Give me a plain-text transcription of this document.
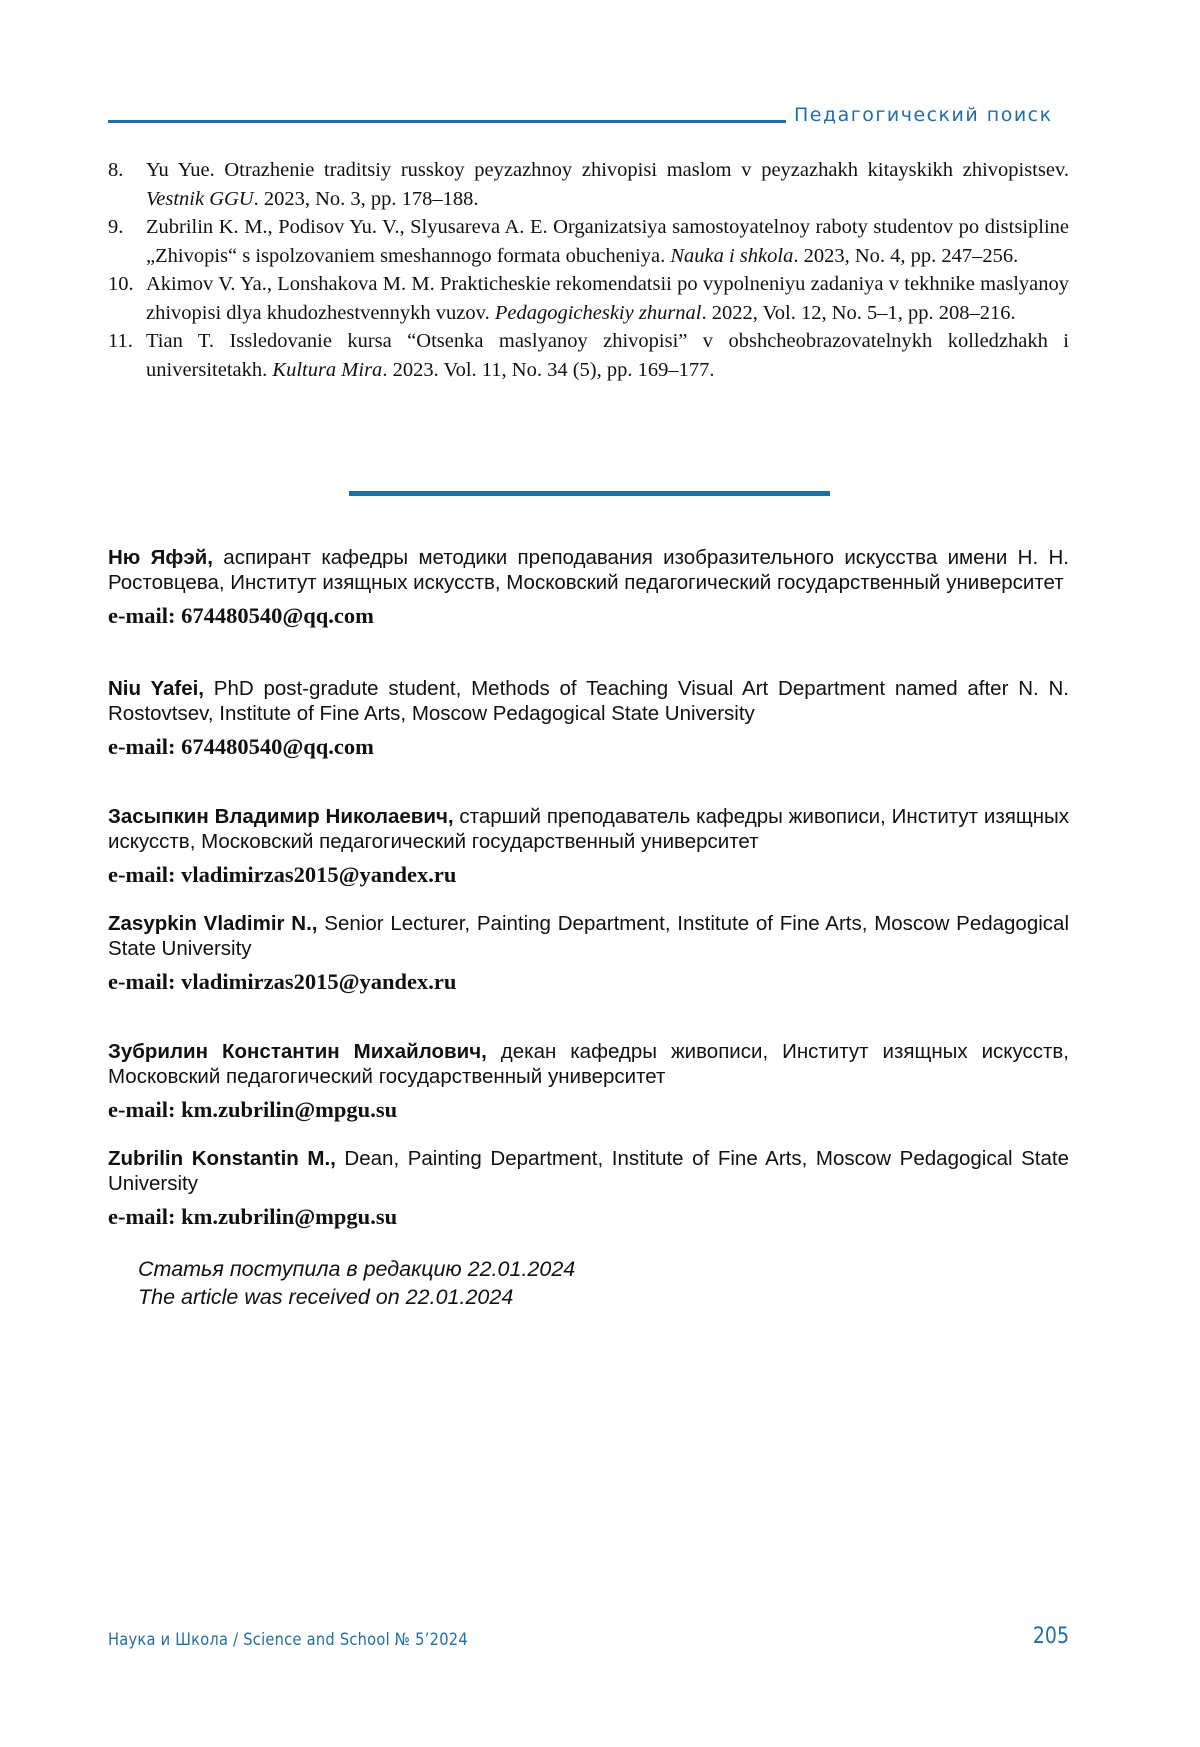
Педагогический поиск
8.	Yu Yue. Otrazhenie traditsiy russkoy peyzazhnoy zhivopisi maslom v peyzazhakh kitayskikh zhivopistsev. Vestnik GGU. 2023, No. 3, pp. 178–188.
9.	Zubrilin K. M., Podisov Yu. V., Slyusareva A. E. Organizatsiya samostoyatelnoy raboty studentov po distsipline „Zhivopis“ s ispolzovaniem smeshannogo formata obucheniya. Nauka i shkola. 2023, No. 4, pp. 247–256.
10. Akimov V. Ya., Lonshakova M. M. Prakticheskie rekomendatsii po vypolneniyu zadaniya v tekhnike maslyanoy zhivopisi dlya khudozhestvennykh vuzov. Pedagogicheskiy zhurnal. 2022, Vol. 12, No. 5–1, pp. 208–216.
11. Tian T. Issledovanie kursa “Otsenka maslyanoy zhivopisi” v obshcheobrazovatelnykh kolledzhakh i universitetakh. Kultura Mira. 2023. Vol. 11, No. 34 (5), pp. 169–177.
Ню Яфэй, аспирант кафедры методики преподавания изобразительного искусства имени Н. Н. Ростовцева, Институт изящных искусств, Московский педагогический государственный университет
e-mail: 674480540@qq.com
Niu Yafei, PhD post-gradute student, Methods of Teaching Visual Art Department named after N. N. Rostovtsev, Institute of Fine Arts, Moscow Pedagogical State University
e-mail: 674480540@qq.com
Засыпкин Владимир Николаевич, старший преподаватель кафедры живописи, Институт изящных искусств, Московский педагогический государственный университет
e-mail: vladimirzas2015@yandex.ru
Zasypkin Vladimir N., Senior Lecturer, Painting Department, Institute of Fine Arts, Moscow Pedagogical State University
e-mail: vladimirzas2015@yandex.ru
Зубрилин Константин Михайлович, декан кафедры живописи, Институт изящных искусств, Московский педагогический государственный университет
e-mail: km.zubrilin@mpgu.su
Zubrilin Konstantin M., Dean, Painting Department, Institute of Fine Arts, Moscow Pedagogical State University
e-mail: km.zubrilin@mpgu.su
Статья поступила в редакцию 22.01.2024
The article was received on 22.01.2024
Наука и Школа / Science and School № 5’2024	205
